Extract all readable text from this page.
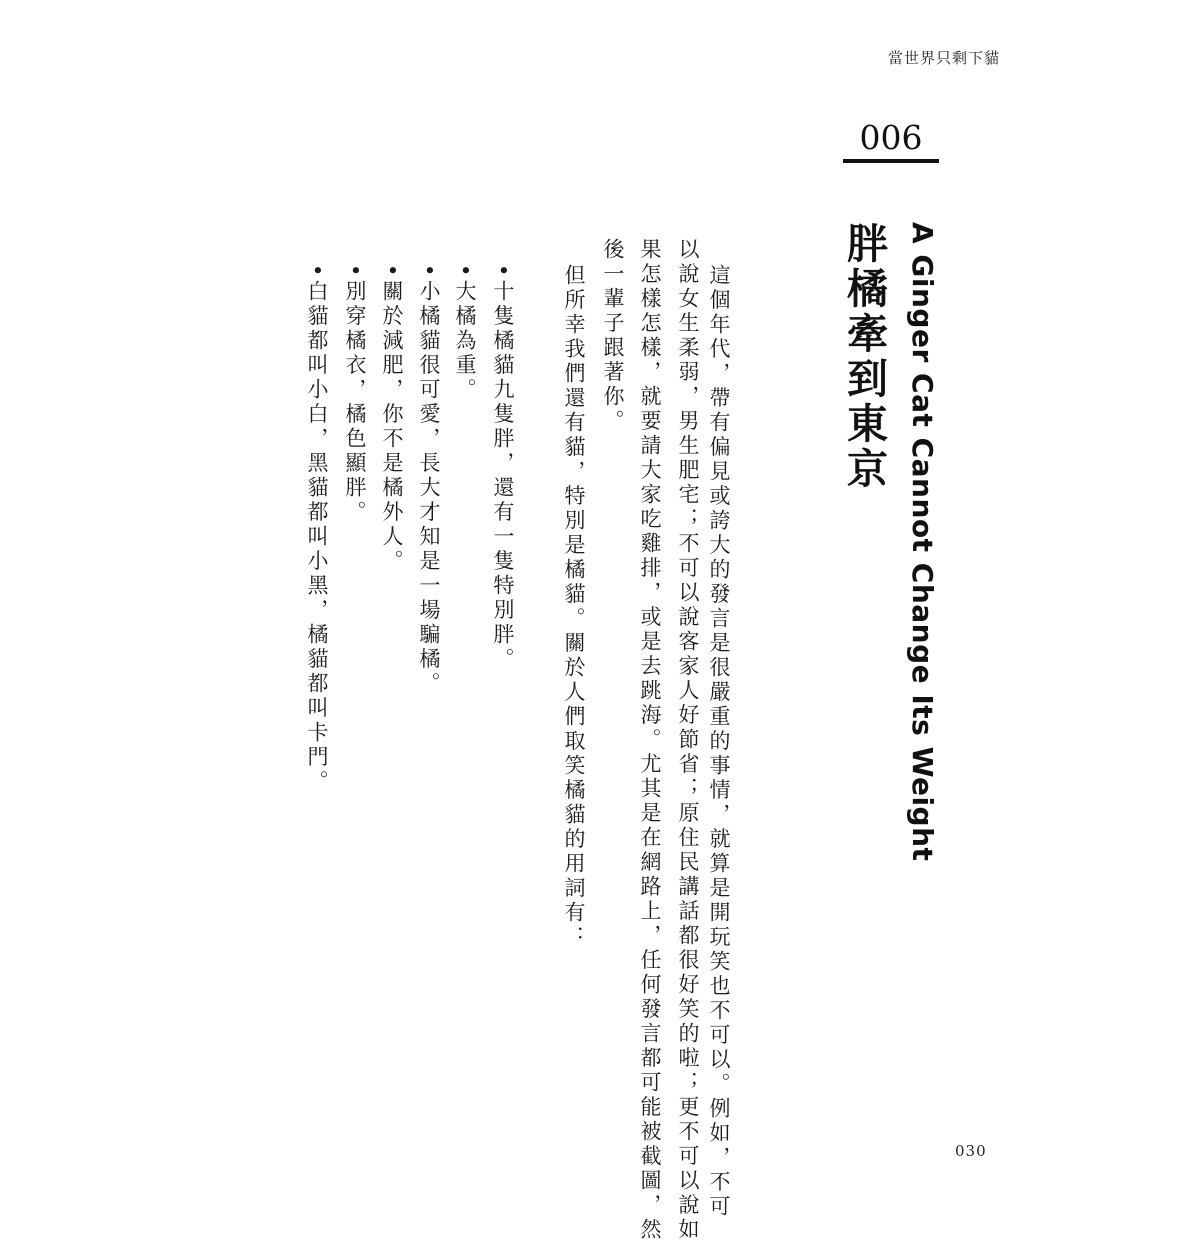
當世界只剩下貓
006
A Ginger Cat Cannot Change Its Weight
胖橘牽到東京
這個年代，帶有偏見或誇大的發言是很嚴重的事情，就算是開玩笑也不可以。例如，不可
以說女生柔弱，男生肥宅；不可以說客家人好節省；原住民講話都很好笑的啦；更不可以說如
果怎樣怎樣，就要請大家吃雞排，或是去跳海。尤其是在網路上，任何發言都可能被截圖，然
後一輩子跟著你。
但所幸我們還有貓，特別是橘貓。關於人們取笑橘貓的用詞有：
•十隻橘貓九隻胖，還有一隻特別胖。
•大橘為重。
•小橘貓很可愛，長大才知是一場騙橘。
•關於減肥，你不是橘外人。
•別穿橘衣，橘色顯胖。
•白貓都叫小白，黑貓都叫小黑，橘貓都叫卡門。
030
